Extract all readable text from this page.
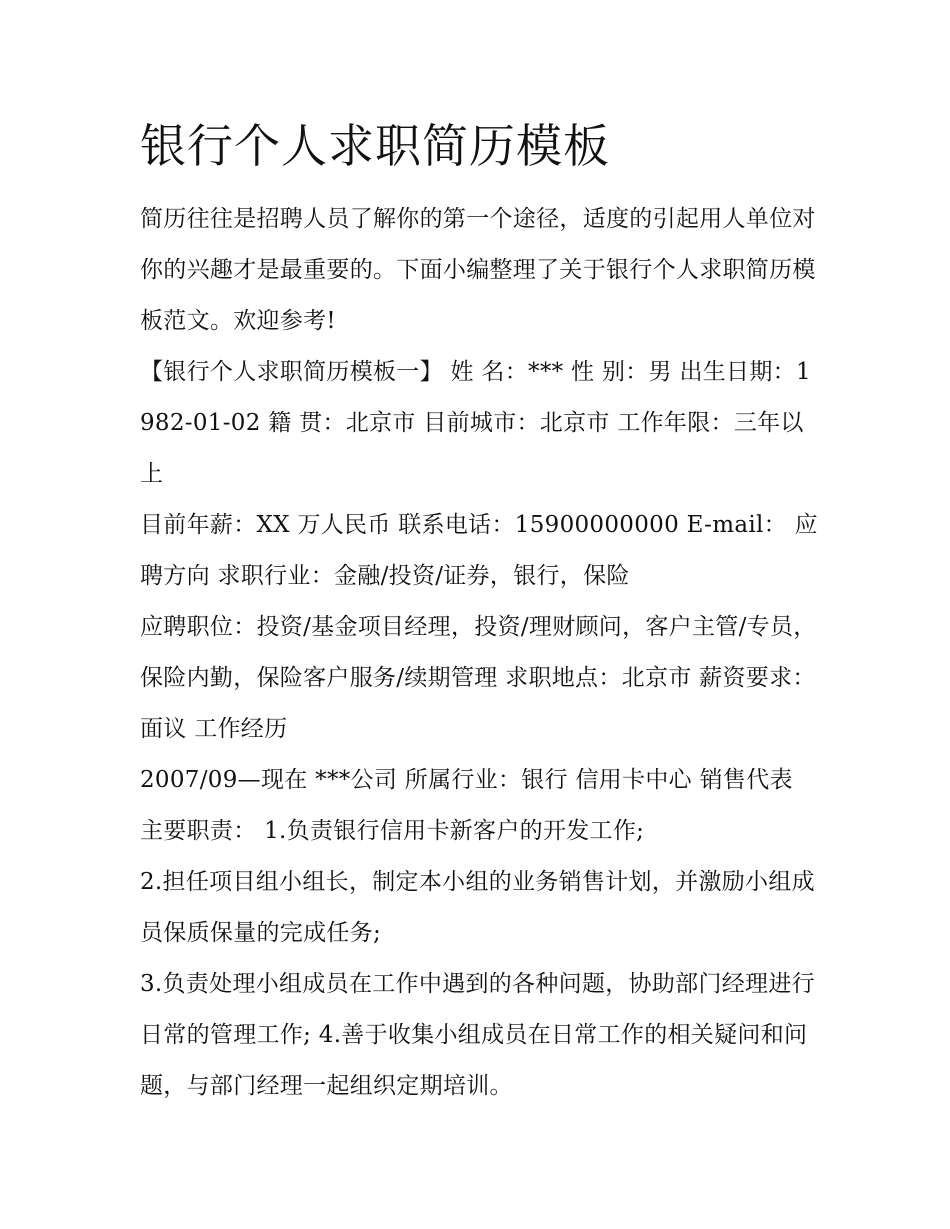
银行个人求职简历模板

简历往往是招聘人员了解你的第一个途径，适度的引起用人单位对你的兴趣才是最重要的。下面小编整理了关于银行个人求职简历模板范文。欢迎参考!

【银行个人求职简历模板一】 姓 名：*** 性 别：男 出生日期：1982-01-02 籍 贯：北京市 目前城市：北京市 工作年限：三年以上

目前年薪：XX 万人民币 联系电话：15900000000 E-mail： 应聘方向 求职行业：金融/投资/证券，银行，保险

应聘职位：投资/基金项目经理，投资/理财顾问，客户主管/专员，保险内勤，保险客户服务/续期管理 求职地点：北京市 薪资要求： 面议 工作经历

2007/09—现在 ***公司 所属行业：银行 信用卡中心 销售代表

主要职责： 1.负责银行信用卡新客户的开发工作;

2.担任项目组小组长，制定本小组的业务销售计划，并激励小组成员保质保量的完成任务;

3.负责处理小组成员在工作中遇到的各种问题，协助部门经理进行日常的管理工作; 4.善于收集小组成员在日常工作的相关疑问和问题，与部门经理一起组织定期培训。
